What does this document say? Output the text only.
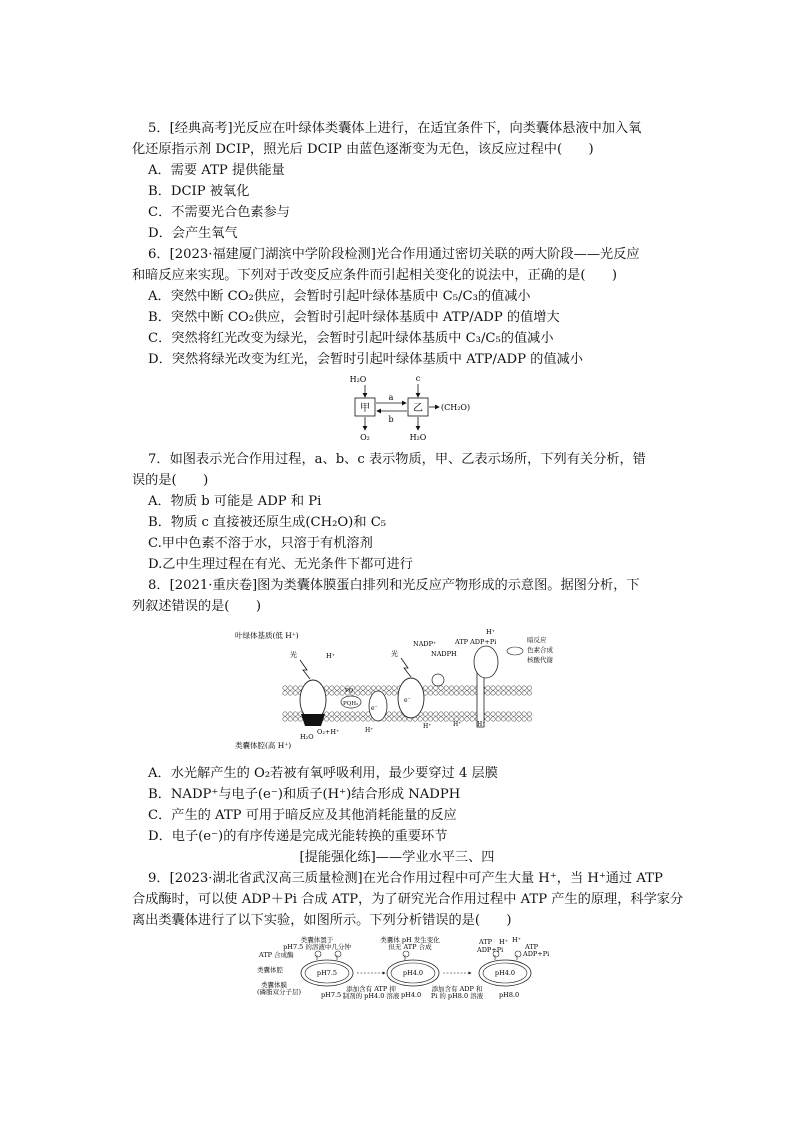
5．[经典高考]光反应在叶绿体类囊体上进行，在适宜条件下，向类囊体悬液中加入氧
化还原指示剂 DCIP，照光后 DCIP 由蓝色逐渐变为无色，该反应过程中(　　)
A．需要 ATP 提供能量
B．DCIP 被氧化
C．不需要光合色素参与
D．会产生氧气
6．[2023·福建厦门湖滨中学阶段检测]光合作用通过密切关联的两大阶段——光反应
和暗反应来实现。下列对于改变反应条件而引起相关变化的说法中，正确的是(　　)
A．突然中断 CO₂供应，会暂时引起叶绿体基质中 C₅/C₃的值减小
B．突然中断 CO₂供应，会暂时引起叶绿体基质中 ATP/ADP 的值增大
C．突然将红光改变为绿光，会暂时引起叶绿体基质中 C₃/C₅的值减小
D．突然将绿光改变为红光，会暂时引起叶绿体基质中 ATP/ADP 的值减小
H₂O
甲
c
乙
a
b
(CH₂O)
O₂	H₂O
7．如图表示光合作用过程，a、b、c 表示物质，甲、乙表示场所，下列有关分析，错
误的是(　　)
A．物质 b 可能是 ADP 和 Pi
B．物质 c 直接被还原生成(CH₂O)和 C₅
C.甲中色素不溶于水，只溶于有机溶剂
D.乙中生理过程在有光、无光条件下都可进行
8．[2021·重庆卷]图为类囊体膜蛋白排列和光反应产物形成的示意图。据图分析，下
列叙述错误的是(　　)
叶绿体基质(低 H⁺)
PQ
PQH₂
e⁻
e⁻
光	光
H⁺
NADP⁺
NADPH
ATP ADP+Pi
H⁺
暗反应
色素合成
核酸代谢
H₂O
O₂+H⁺	H⁺
H⁺	H⁺	H⁺
类囊体腔(高 H⁺)
A．水光解产生的 O₂若被有氧呼吸利用，最少要穿过 4 层膜
B．NADP⁺与电子(e⁻)和质子(H⁺)结合形成 NADPH
C．产生的 ATP 可用于暗反应及其他消耗能量的反应
D．电子(e⁻)的有序传递是完成光能转换的重要环节
[提能强化练]——学业水平三、四
9．[2023·湖北省武汉高三质量检测]在光合作用过程中可产生大量 H⁺，当 H⁺通过 ATP
合成酶时，可以使 ADP＋Pi 合成 ATP，为了研究光合作用过程中 ATP 产生的原理，科学家分
离出类囊体进行了以下实验，如图所示。下列分析错误的是(　　)
类囊体置于
pH7.5 的溶液中几分钟
类囊体 pH 发生变化
但无 ATP 合成
ATP 合成酶
类囊体腔
类囊体膜
(磷脂双分子层)
pH7.5
pH7.5
添加含有 ATP 抑
制剂的 pH4.0 溶液
pH4.0
pH4.0
添加含有 ADP 和
Pi 的 pH8.0 溶液
ATP
ADP+Pi
H⁺ H⁺
ATP
ADP+Pi
pH4.0
pH8.0
